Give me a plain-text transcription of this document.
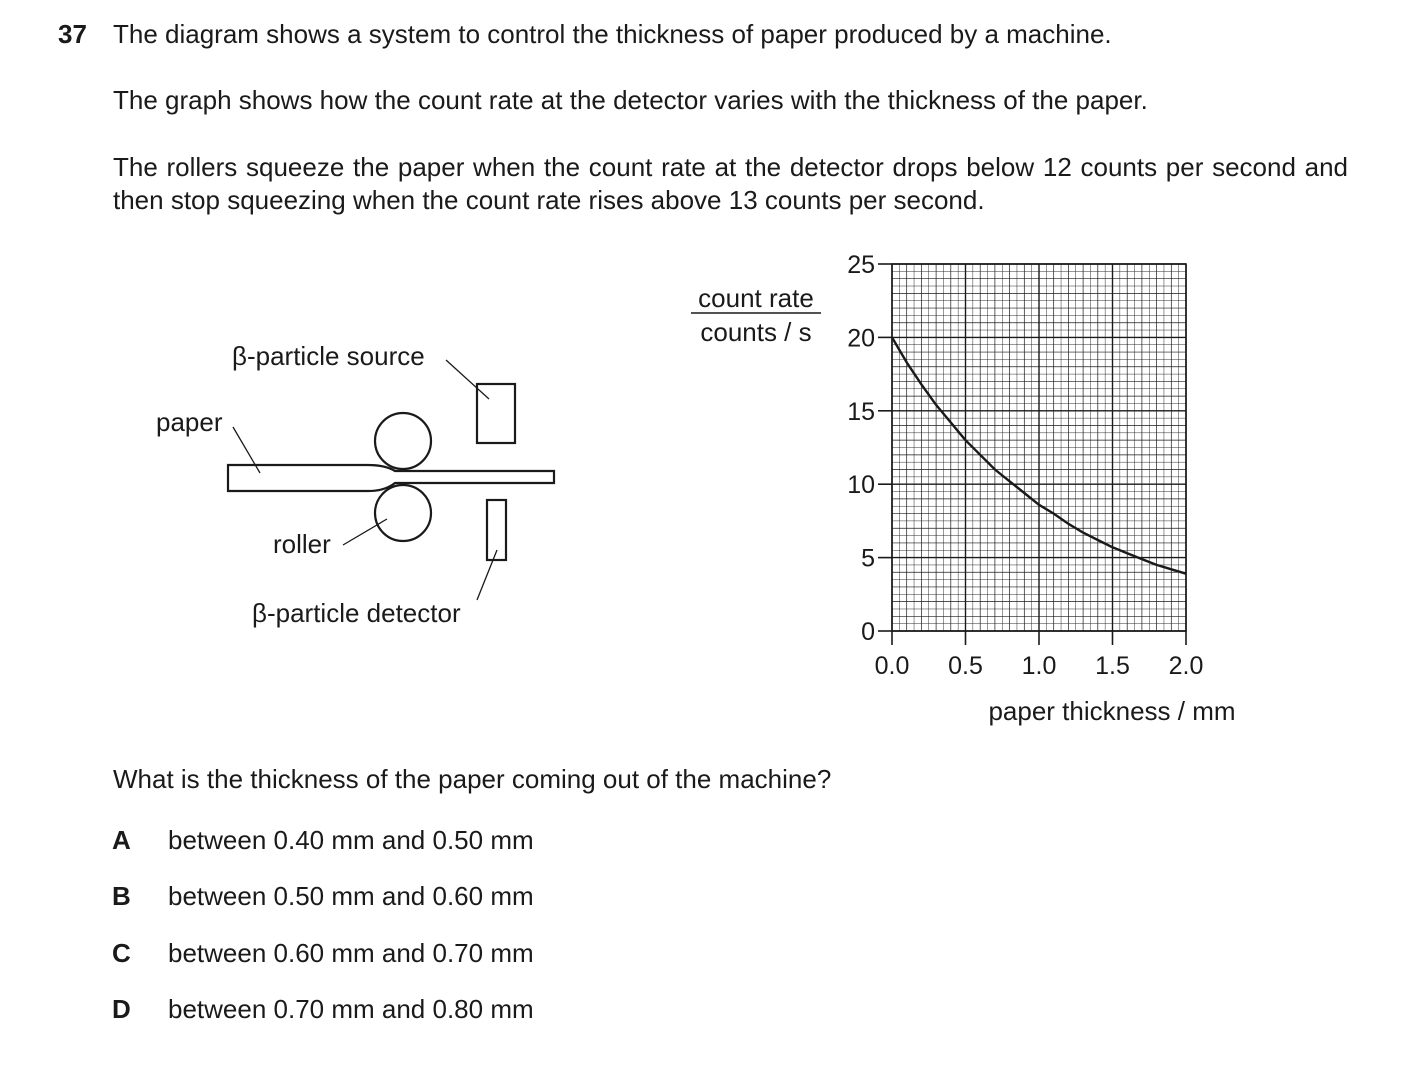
37 The diagram shows a system to control the thickness of paper produced by a machine.
The graph shows how the count rate at the detector varies with the thickness of the paper.
The rollers squeeze the paper when the count rate at the detector drops below 12 counts per second and then stop squeezing when the count rate rises above 13 counts per second.
β-particle source
paper
roller
β-particle detector
count rate
counts / s
paper thickness / mm
0
5
10
15
20
25
0.0 0.5 1.0 1.5 2.0
What is the thickness of the paper coming out of the machine?
A between 0.40 mm and 0.50 mm
B between 0.50 mm and 0.60 mm
C between 0.60 mm and 0.70 mm
D between 0.70 mm and 0.80 mm
